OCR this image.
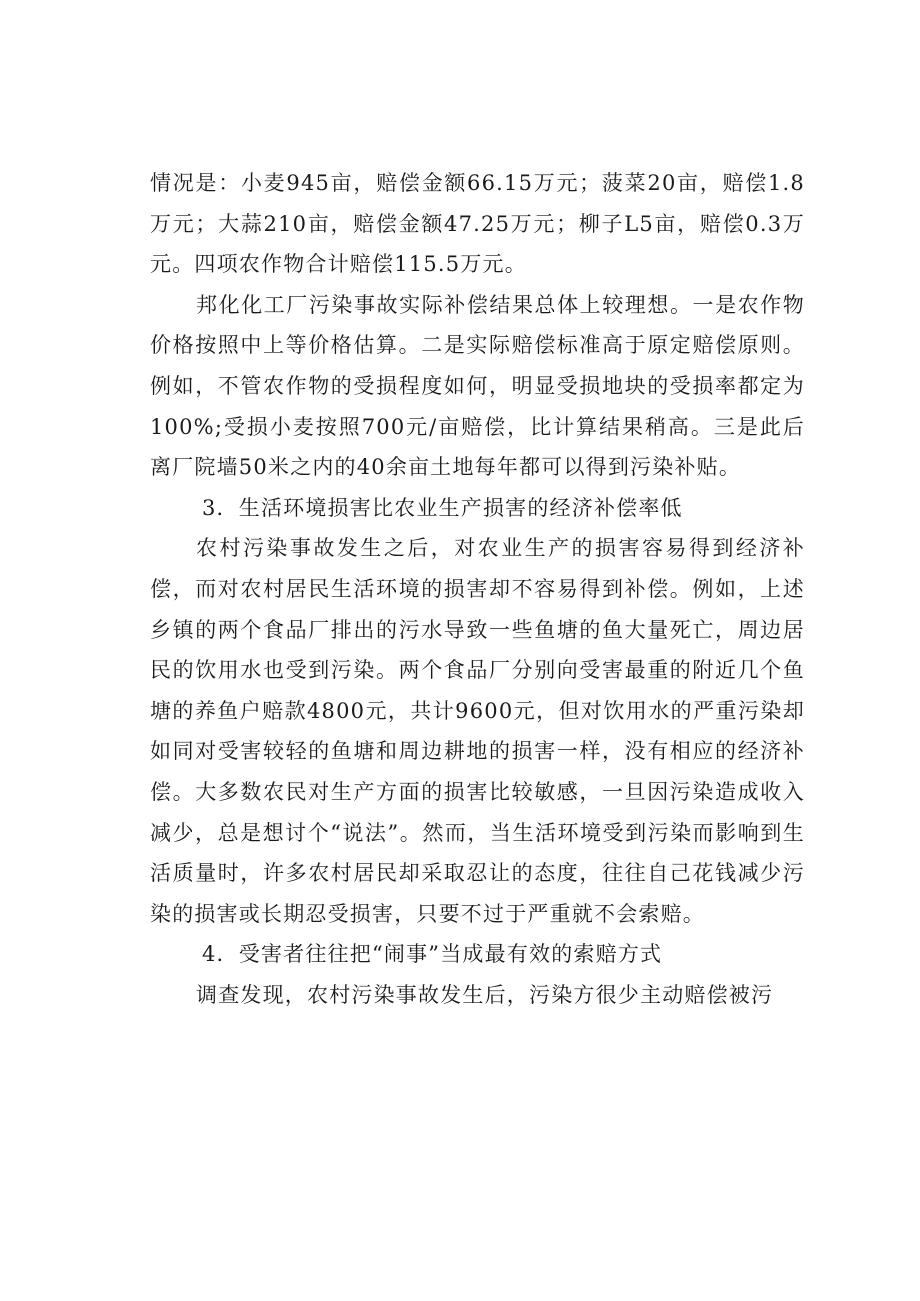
情况是：小麦945亩，赔偿金额66.15万元；菠菜20亩，赔偿1.8万元；大蒜210亩，赔偿金额47.25万元；柳子L5亩，赔偿0.3万元。四项农作物合计赔偿115.5万元。

邦化化工厂污染事故实际补偿结果总体上较理想。一是农作物价格按照中上等价格估算。二是实际赔偿标准高于原定赔偿原则。例如，不管农作物的受损程度如何，明显受损地块的受损率都定为100%;受损小麦按照700元/亩赔偿，比计算结果稍高。三是此后离厂院墙50米之内的40余亩土地每年都可以得到污染补贴。

3．生活环境损害比农业生产损害的经济补偿率低

农村污染事故发生之后，对农业生产的损害容易得到经济补偿，而对农村居民生活环境的损害却不容易得到补偿。例如，上述乡镇的两个食品厂排出的污水导致一些鱼塘的鱼大量死亡，周边居民的饮用水也受到污染。两个食品厂分别向受害最重的附近几个鱼塘的养鱼户赔款4800元，共计9600元，但对饮用水的严重污染却如同对受害较轻的鱼塘和周边耕地的损害一样，没有相应的经济补偿。大多数农民对生产方面的损害比较敏感，一旦因污染造成收入减少，总是想讨个“说法”。然而，当生活环境受到污染而影响到生活质量时，许多农村居民却采取忍让的态度，往往自己花钱减少污染的损害或长期忍受损害，只要不过于严重就不会索赔。

4．受害者往往把“闹事”当成最有效的索赔方式

调查发现，农村污染事故发生后，污染方很少主动赔偿被污
